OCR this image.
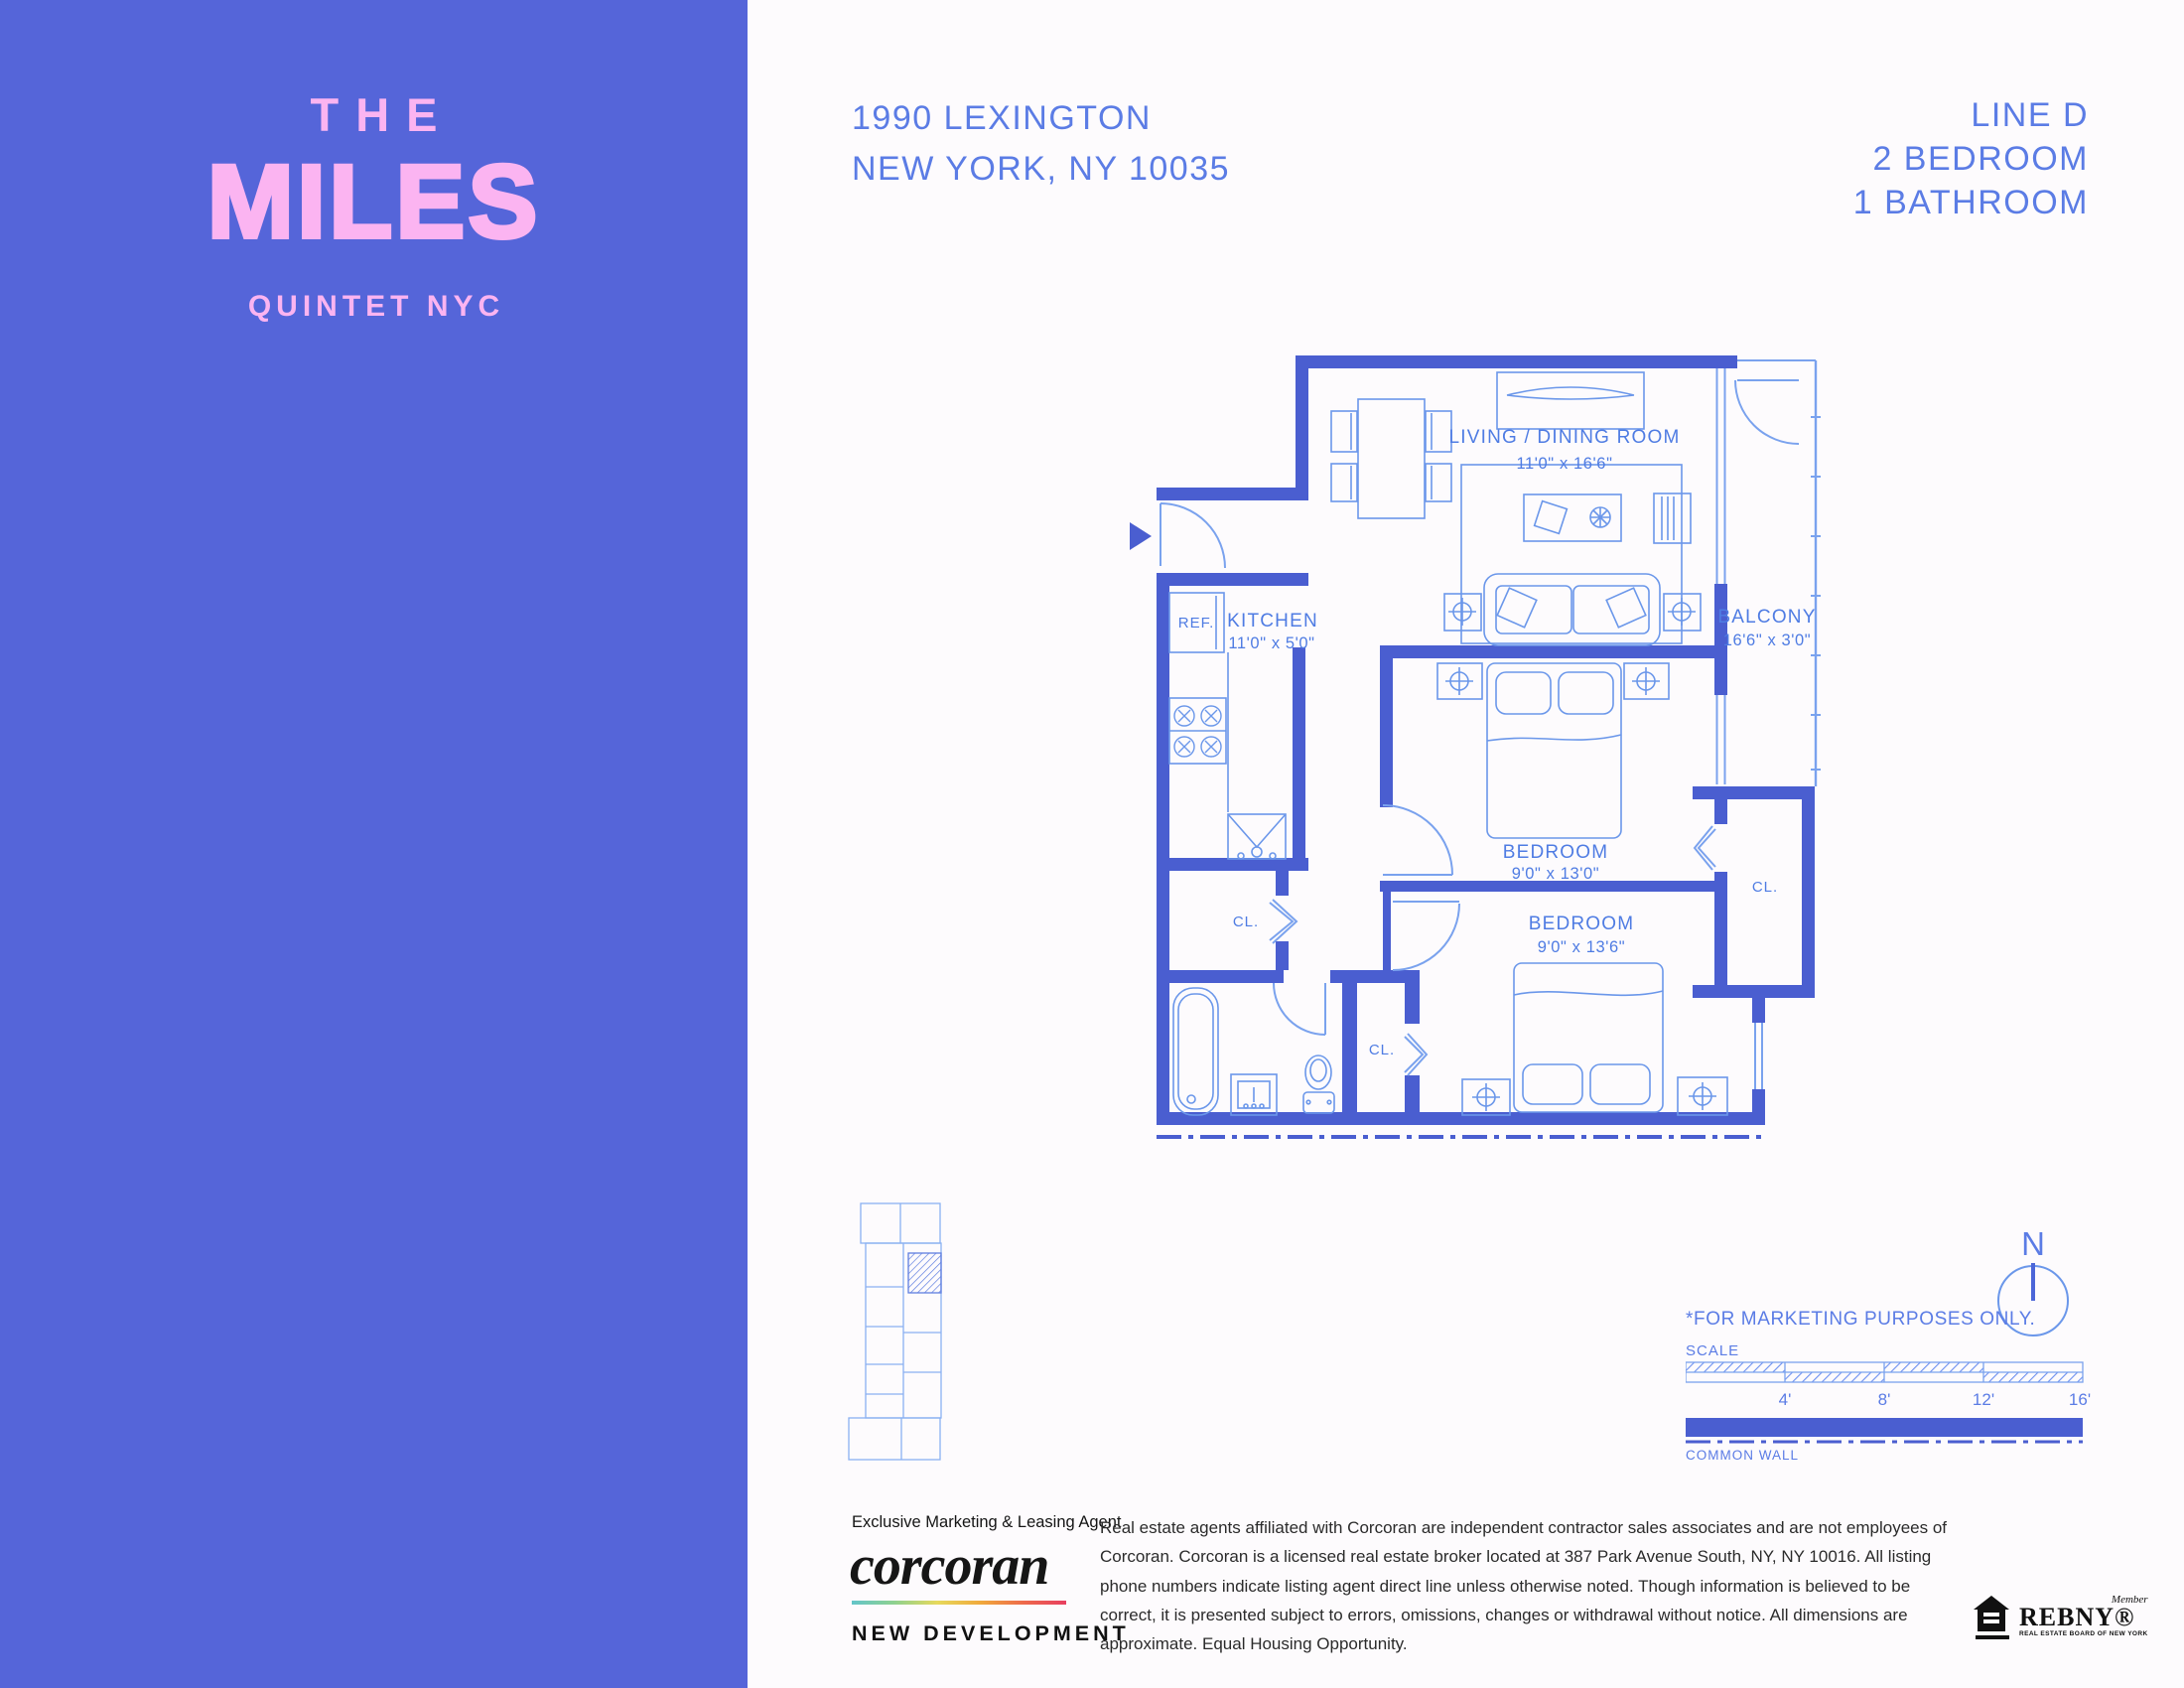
THE
MILES
QUINTET NYC
1990 LEXINGTON
NEW YORK, NY 10035
LINE D
2 BEDROOM
1 BATHROOM
LIVING / DINING ROOM
11'0" x 16'6"
KITCHEN
11'0" x 5'0"
BALCONY
16'6" x 3'0"
BEDROOM
9'0" x 13'0"
BEDROOM
9'0" x 13'6"
REF.
CL.
CL.
CL.
N
*FOR MARKETING PURPOSES ONLY.
SCALE
4'	8'	12'	16'
COMMON WALL
Exclusive Marketing & Leasing Agent
corcoran
NEW DEVELOPMENT
Real estate agents affiliated with Corcoran are independent contractor sales associates and are not employees of Corcoran. Corcoran is a licensed real estate broker located at 387 Park Avenue South, NY, NY 10016. All listing phone numbers indicate listing agent direct line unless otherwise noted. Though information is believed to be correct, it is presented subject to errors, omissions, changes or withdrawal without notice. All dimensions are approximate. Equal Housing Opportunity.
Member
REBNY®
REAL ESTATE BOARD OF NEW YORK
